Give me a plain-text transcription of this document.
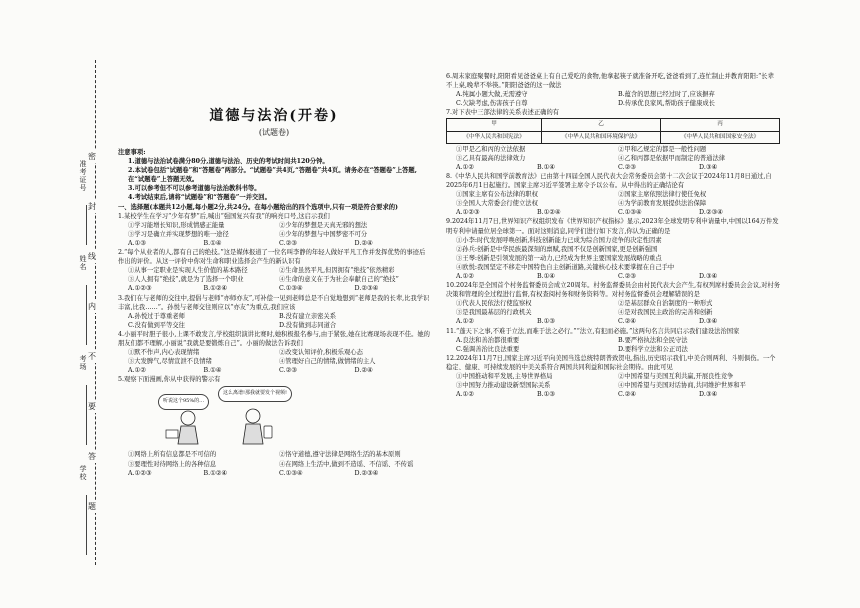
准考证号
姓名
考场
学校
密
封
线
内
不
要
答
题
道德与法治(开卷)
(试题卷)
注意事项:
1.道德与法治试卷满分80分,道德与法治、历史的考试时间共120分钟。
2.本试卷包括“试题卷”和“答题卷”两部分。“试题卷”共4页,“答题卷”共4页。请务必在“答题卷”上答题,在“试题卷”上答题无效。
3.可以参考但不可以参考道德与法治教科书等。
4.考试结束后,请将“试题卷”和“答题卷”一并交回。
一、选择题(本题共12小题,每小题2分,共24分。在每小题给出的四个选项中,只有一项是符合要求的)
1.某校学生在学习“少年有梦”后,喊出“强国复兴有我”的响亮口号,这启示我们
①学习能增长知识,形成情感正能量	②少年的梦想是天真无邪的想法
③学习是确立并实现梦想的唯一途径	④少年的梦想与中国梦密不可分
A.①③	B.①④	C.②③	D.②④
2.“每个从业者的人,都有自己的绝技。”这是媒体报道了一位名叫李静的年轻人做好平凡工作并发挥优势的事迹后作出的评价。从这一评价中你对生命和职业选择会产生的新认识有
①从事一定职业是实现人生价值的基本路径	②生命虽然平凡,但因拥有“绝技”依然精彩
③人人拥有“绝技”,就是为了选择一个职业	④生命的意义在于为社会奉献自己的“绝技”
A.①②③	B.①②④	C.①③④	D.②③④
3.我们在与老师的交往中,提倡与老师“亦师亦友”,可补偿一见到老师总是不自觉地想到“老师是我的长辈,比我学识丰富,比我……”。孙悦与老师交往则应以“亦友”为重点,我们应该
A.孙悦过于尊重老师	B.没有建立亲密关系
C.没有做到平等交往	D.没有做到志同道合
4.小丽平时胆子很小,上课不敢发言,学校组织演讲比赛时,她积极报名参与,由于紧张,她在比赛现场表现不佳。她的朋友们都不理解,小丽说“我就是要锻炼自己”。小丽的做法告诉我们
①默不作声,内心表现情绪	②改变认知评价,积极乐观心态
③大发脾气,尽情宣泄不良情绪	④管理好自己的情绪,做情绪的主人
A.①②	B.①④	C.②③	D.②④
5.观察下面漫画,你从中获得的警示有
听说这个95%的…
这么离谱!那我就要发个视频!
①网络上所有信息都是不可信的	②恪守道德,遵守法律是网络生活的基本原则
③要理性对待网络上的各种信息	④在网络上生活中,做到不造谣、不信谣、不传谣
A.①②③	B.①②④	C.①③④	D.②③④
6.周末家庭聚餐时,阳阳看见爸爸桌上有自己爱吃的食物,他拿起筷子就准备开吃,爸爸看到了,连忙制止并教育阳阳:“长辈不上桌,晚辈不举筷。”阳阳爸爸的这一做法
A.纯属小题大做,无需遵守	B.蕴含的思想已经过时了,应该摒弃
C.欠缺考虑,伤害孩子自尊	D.传承优良家风,帮助孩子健康成长
7.对下表中三部法律的关系表述正确的有
甲	乙	丙
《中华人民共和国宪法》	《中华人民共和国环境保护法》	《中华人民共和国国家安全法》
①甲是乙和丙的立法依据	②甲和乙规定的都是一般性问题
③乙具有最高的法律效力	④乙和丙都是依据甲而制定的普通法律
A.①②	B.①④	C.②③	D.③④
8.《中华人民共和国学前教育法》已由第十四届全国人民代表大会常务委员会第十二次会议于2024年11月8日通过,自2025年6月1日起施行。国家主席习近平签署主席令予以公布。从中得出的正确结论有
①国家主席有公布法律的职权	②国家主席依照法律行使任免权
③全国人大常委会行使立法权	④为学前教育发展提供法治保障
A.①②③	B.①②④	C.①③④	D.②③④
9.2024年11月7日,世界知识产权组织发布《世界知识产权指标》显示,2023年全球发明专利申请量中,中国以164万件发明专利申请量位居全球第一。面对这则消息,同学们进行如下发言,你认为正确的是
①小李:时代发展呼唤创新,科技创新能力已成为综合国力竞争的决定性因素
②孙兵:创新是中华民族最深刻的禀赋,我国不仅是创新国家,更是创新强国
③王琴:创新是引领发展的第一动力,已经成为世界主要国家发展战略的重点
④欧悦:我国坚定不移走中国特色自主创新道路,关键核心技术要掌握在自己手中
A.①②	B.①④	C.②③	D.③④
10.2024年是全国首个村务监督委员会成立20周年。村务监督委员会由村民代表大会产生,有权列席村委员会会议,对村务决策和管理的全过程进行监督,有权查阅村务和财务资料等。对村务监督委员会理解错误的是
①代表人民依法行使监察权	②是基层群众自治制度的一种形式
③是我国最基层的行政机关	④是对我国民主政治的完善和创新
A.①②	B.①③	C.②④	D.③④
11.“蓬天下之事,不难于立法,而难于法之必行。”“法立,有犯而必施。”这两句名言共同启示我们建设法治国家
A.良法和善治都很重要	B.要严格执法和全民守法
C.强调善治比良法重要	D.要科学立法和公正司法
12.2024年11月7日,国家主席习近平向美国当选总统特朗普致贺电,指出,历史昭示我们,中美合则两利、斗则俱伤。一个稳定、健康、可持续发展的中美关系符合两国共同利益和国际社会期待。由此可见
①中国推动和平发展,主导世界格局	②中国希望与美国互利共赢,开展良性竞争
③中国努力推动建设新型国际关系	④中国希望与美国对话协商,共同维护世界和平
A.①②	B.①③	C.②④	D.③④
